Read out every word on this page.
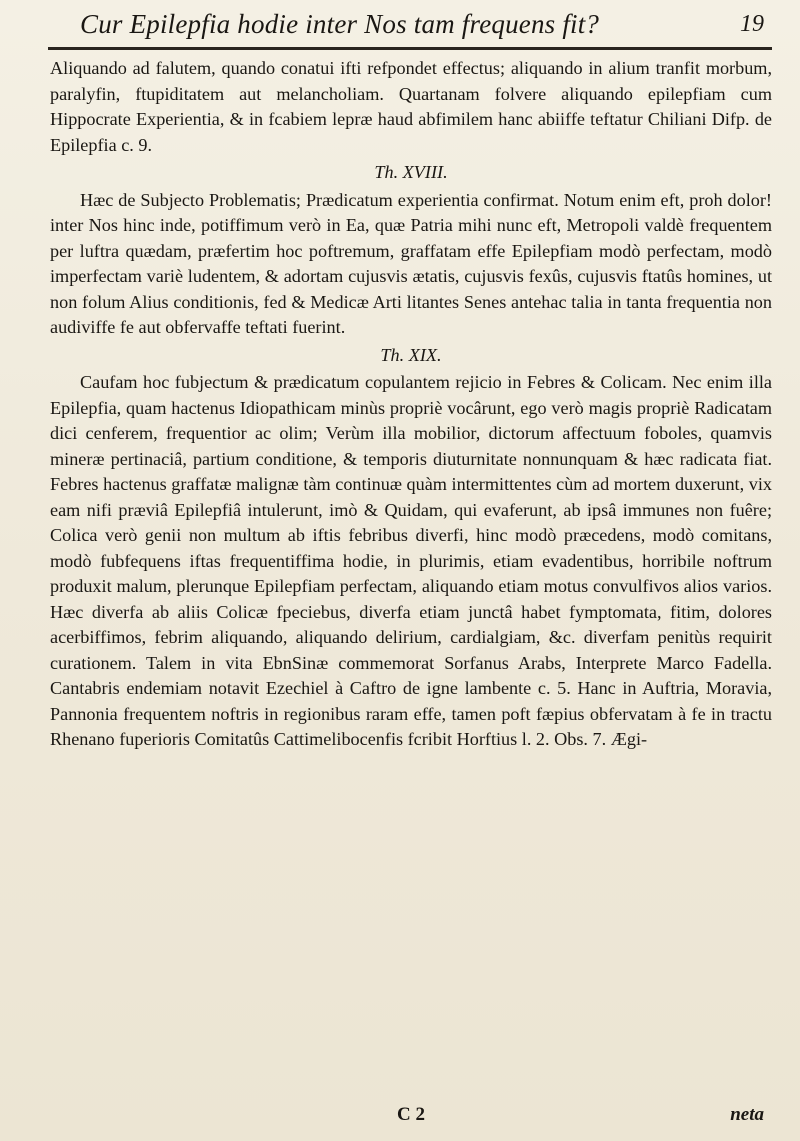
Cur Epilepfia hodie inter Nos tam frequens fit?	19

Aliquando ad falutem, quando conatui ifti refpondet effectus; aliquando in alium tranfit morbum, paralyfin, ftupiditatem aut melancholiam. Quartanam folvere aliquando epilepfiam cum Hippocrate Experientia, & in fcabiem lepræ haud abfimilem hanc abiiffe teftatur Chiliani Difp. de Epilepfia c. 9.

Th. XVIII.

Hæc de Subjecto Problematis; Prædicatum experientia confirmat. Notum enim eft, proh dolor! inter Nos hinc inde, potiffimum verò in Ea, quæ Patria mihi nunc eft, Metropoli valdè frequentem per luftra quædam, præfertim hoc poftremum, graffatam effe Epilepfiam modò perfectam, modò imperfectam variè ludentem, & adortam cujusvis ætatis, cujusvis fexûs, cujusvis ftatûs homines, ut non folum Alius conditionis, fed & Medicæ Arti litantes Senes antehac talia in tanta frequentia non audiviffe fe aut obfervaffe teftati fuerint.

Th. XIX.

Caufam hoc fubjectum & prædicatum copulantem rejicio in Febres & Colicam. Nec enim illa Epilepfia, quam hactenus Idiopathicam minùs propriè vocârunt, ego verò magis propriè Radicatam dici cenferem, frequentior ac olim; Verùm illa mobilior, dictorum affectuum foboles, quamvis mineræ pertinaciâ, partium conditione, & temporis diuturnitate nonnunquam & hæc radicata fiat. Febres hactenus graffatæ malignæ tàm continuæ quàm intermittentes cùm ad mortem duxerunt, vix eam nifi præviâ Epilepfiâ intulerunt, imò & Quidam, qui evaferunt, ab ipsâ immunes non fuêre; Colica verò genii non multum ab iftis febribus diverfi, hinc modò præcedens, modò comitans, modò fubfequens iftas frequentiffima hodie, in plurimis, etiam evadentibus, horribile noftrum produxit malum, plerunque Epilepfiam perfectam, aliquando etiam motus convulfivos alios varios. Hæc diverfa ab aliis Colicæ fpeciebus, diverfa etiam junctâ habet fymptomata, fitim, dolores acerbiffimos, febrim aliquando, aliquando delirium, cardialgiam, &c. diverfam penitùs requirit curationem. Talem in vita EbnSinæ commemorat Sorfanus Arabs, Interprete Marco Fadella. Cantabris endemiam notavit Ezechiel à Caftro de igne lambente c. 5. Hanc in Auftria, Moravia, Pannonia frequentem noftris in regionibus raram effe, tamen poft fæpius obfervatam à fe in tractu Rhenano fuperioris Comitatûs Cattimelibocenfis fcribit Horftius l. 2. Obs. 7. Ægi-

C 2	neta
